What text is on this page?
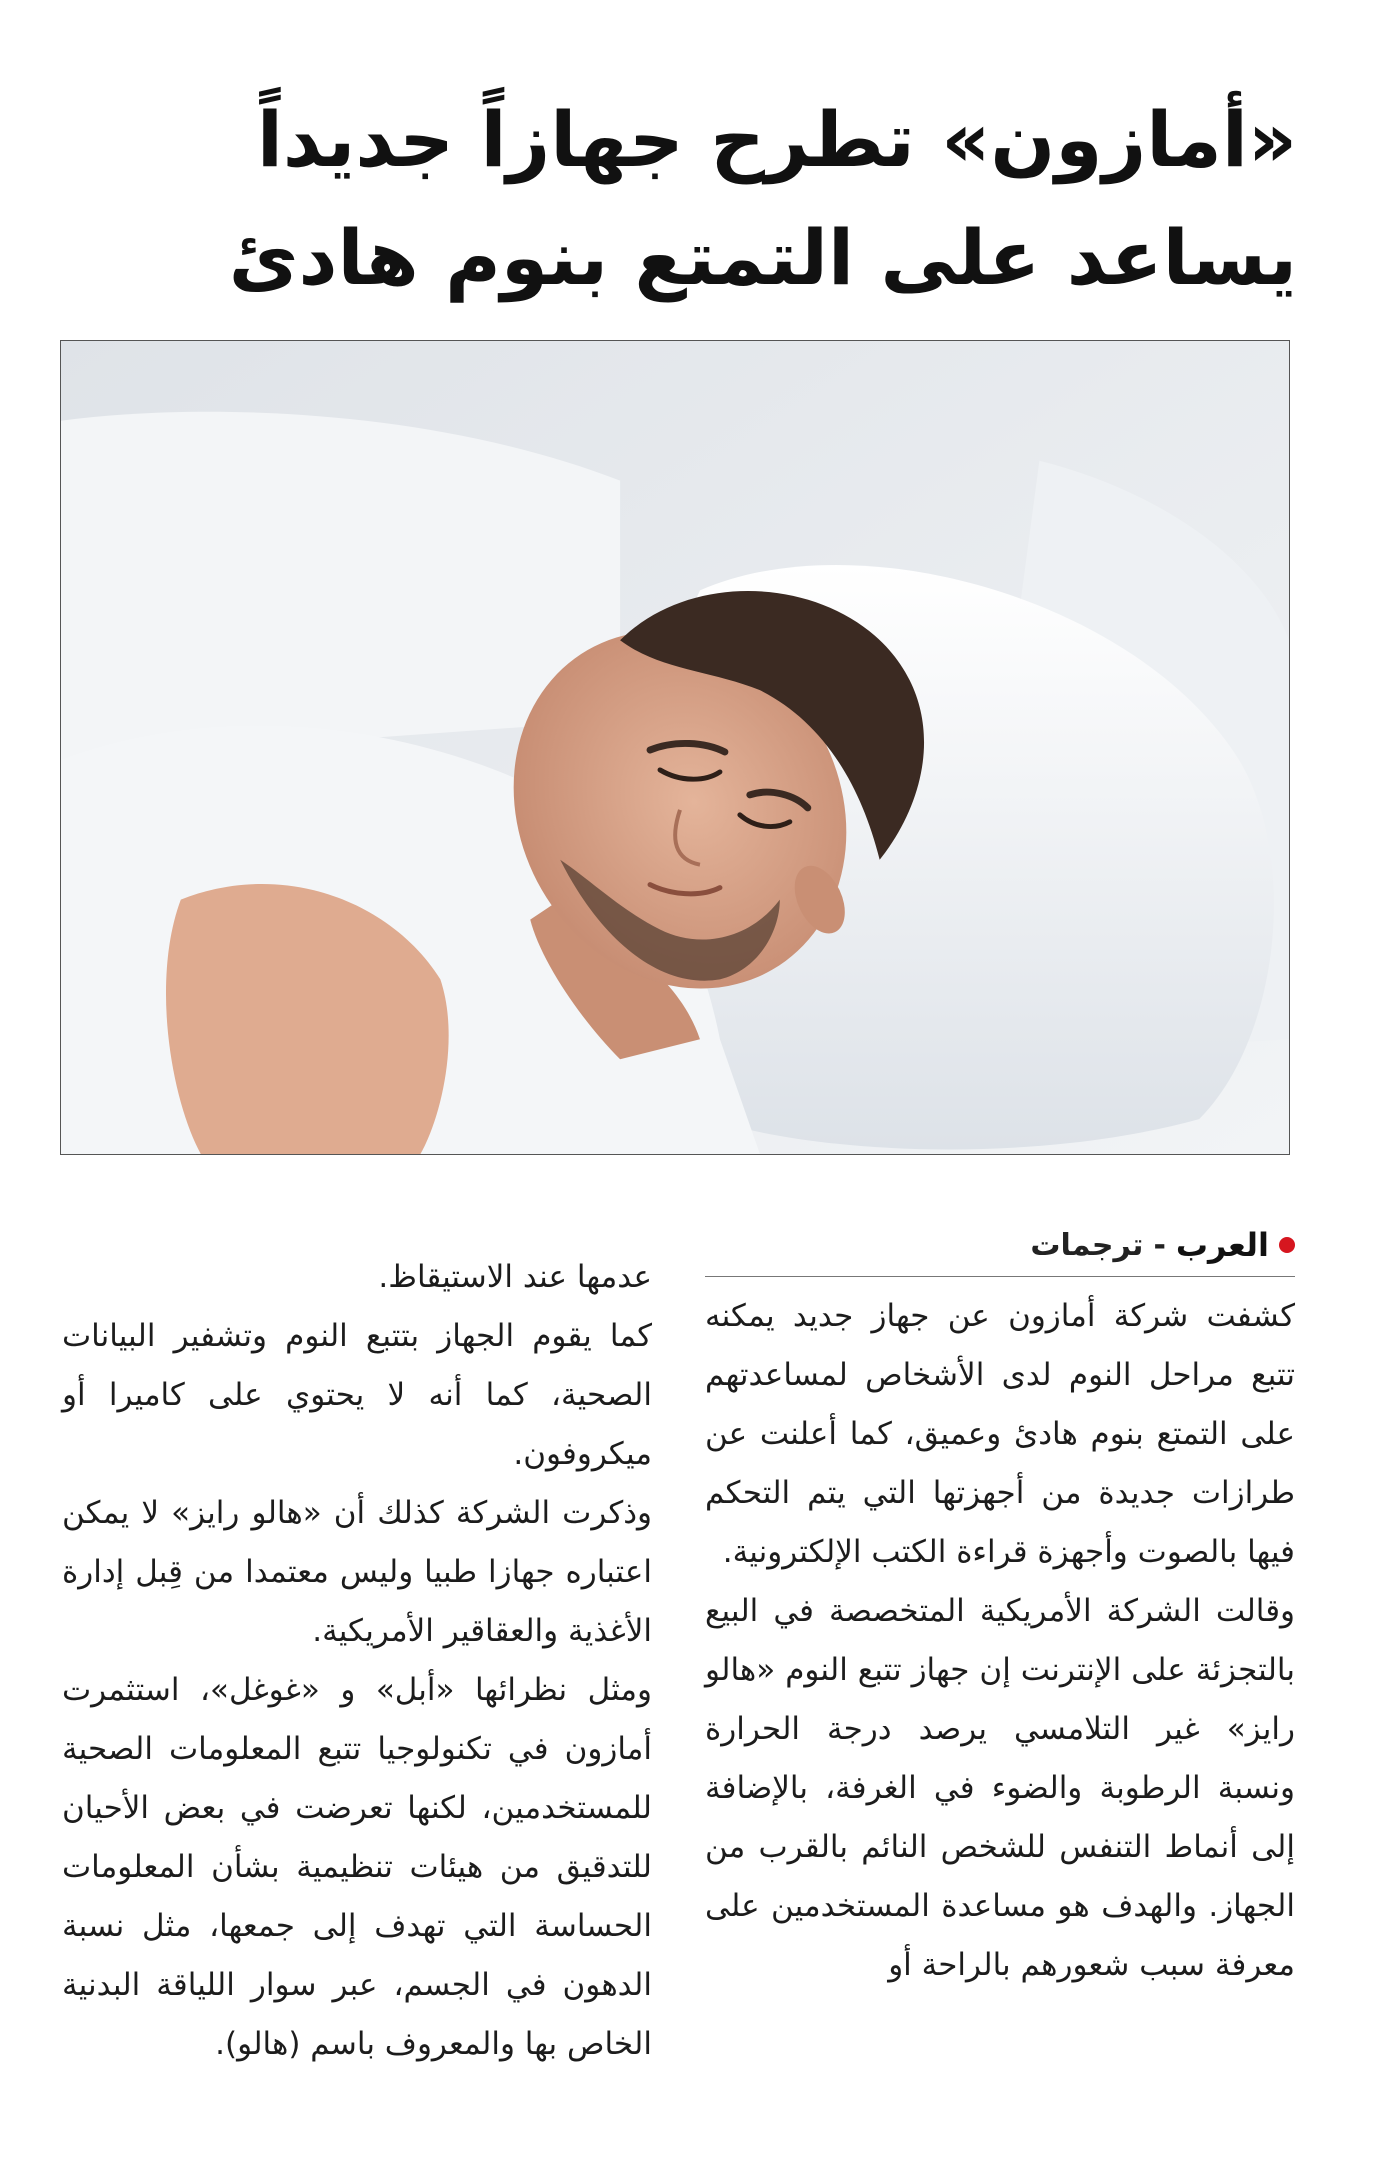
«أمازون» تطرح جهازاً جديداً
يساعد على التمتع بنوم هادئ
العرب
-
ترجمات

كشفت شركة أمازون عن جهاز جديد يمكنه تتبع مراحل النوم لدى الأشخاص لمساعدتهم على التمتع بنوم هادئ وعميق، كما أعلنت عن طرازات جديدة من أجهزتها التي يتم التحكم فيها بالصوت وأجهزة قراءة الكتب الإلكترونية.

وقالت الشركة الأمريكية المتخصصة في البيع بالتجزئة على الإنترنت إن جهاز تتبع النوم «هالو رايز» غير التلامسي يرصد درجة الحرارة ونسبة الرطوبة والضوء في الغرفة، بالإضافة إلى أنماط التنفس للشخص النائم بالقرب من الجهاز. والهدف هو مساعدة المستخدمين على معرفة سبب شعورهم بالراحة أو

عدمها عند الاستيقاظ.

كما يقوم الجهاز بتتبع النوم وتشفير البيانات الصحية، كما أنه لا يحتوي على كاميرا أو ميكروفون.

وذكرت الشركة كذلك أن «هالو رايز» لا يمكن اعتباره جهازا طبيا وليس معتمدا من قِبل إدارة الأغذية والعقاقير الأمريكية.

ومثل نظرائها «أبل» و «غوغل»، استثمرت أمازون في تكنولوجيا تتبع المعلومات الصحية للمستخدمين، لكنها تعرضت في بعض الأحيان للتدقيق من هيئات تنظيمية بشأن المعلومات الحساسة التي تهدف إلى جمعها، مثل نسبة الدهون في الجسم، عبر سوار اللياقة البدنية الخاص بها والمعروف باسم (هالو).
